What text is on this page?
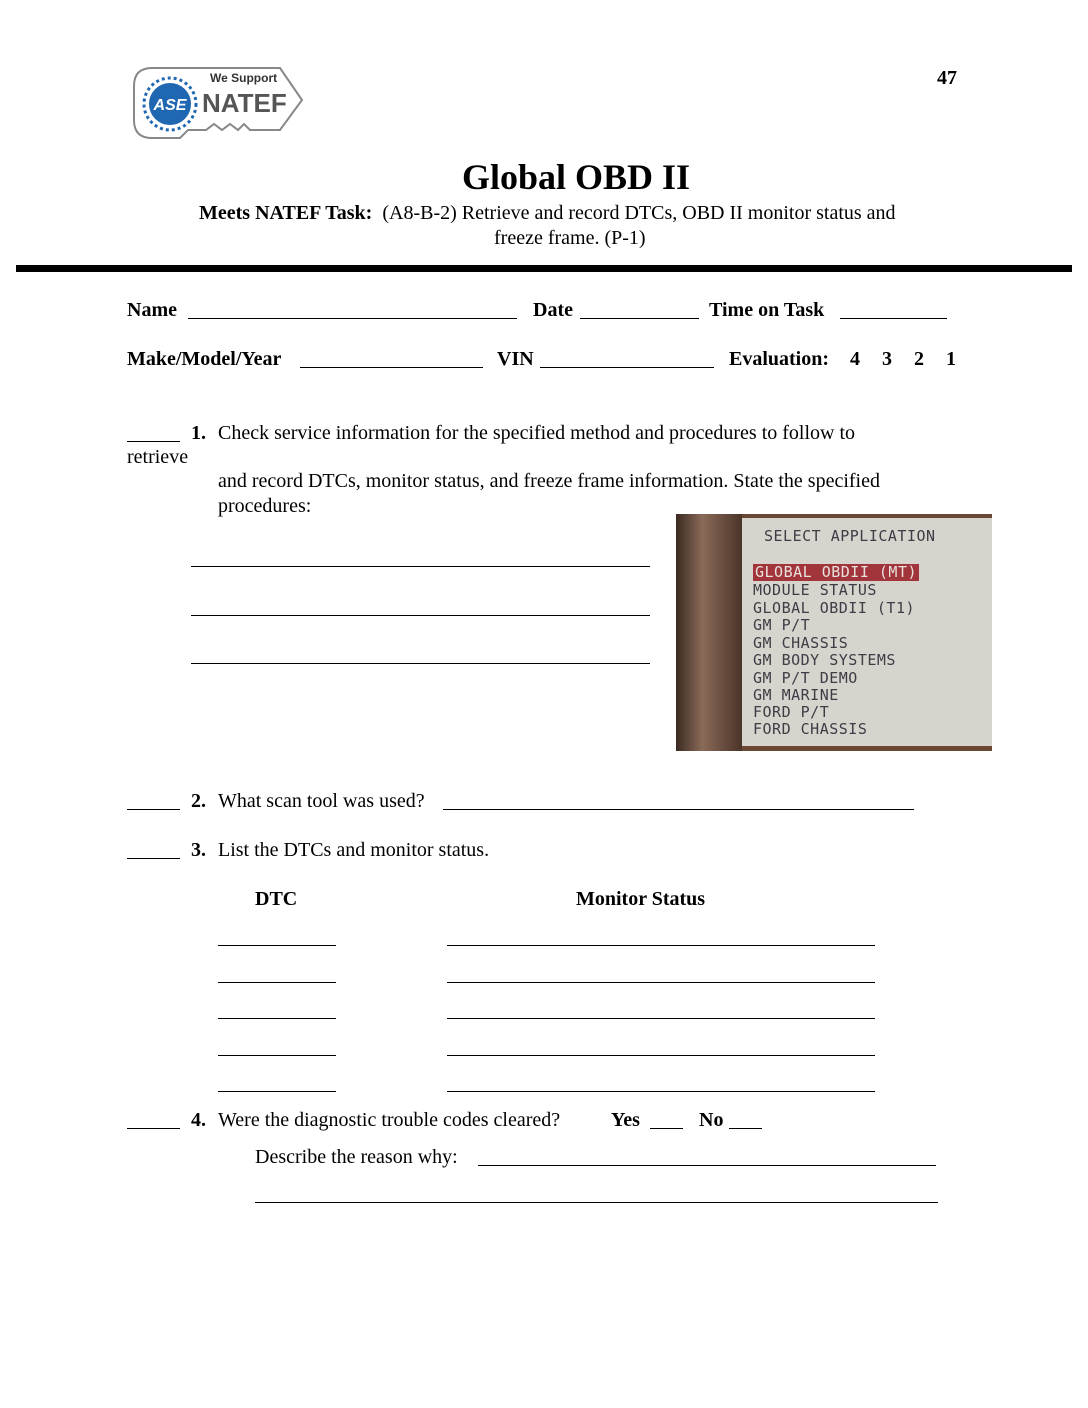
ASE
We Support
NATEF
47
Global OBD II
Meets NATEF Task: (A8-B-2) Retrieve and record DTCs, OBD II monitor status and
freeze frame. (P-1)
Name	Date	Time on Task
Make/Model/Year	VIN	Evaluation: 4 3 2 1
1. Check service information for the specified method and procedures to follow to
retrieve
and record DTCs, monitor status, and freeze frame information. State the specified
procedures:
SELECT APPLICATION
GLOBAL OBDII (MT)
MODULE STATUS
GLOBAL OBDII (T1)
GM P/T
GM CHASSIS
GM BODY SYSTEMS
GM P/T DEMO
GM MARINE
FORD P/T
FORD CHASSIS
2. What scan tool was used?
3. List the DTCs and monitor status.
DTC	Monitor Status
4. Were the diagnostic trouble codes cleared?	Yes	No
Describe the reason why:
